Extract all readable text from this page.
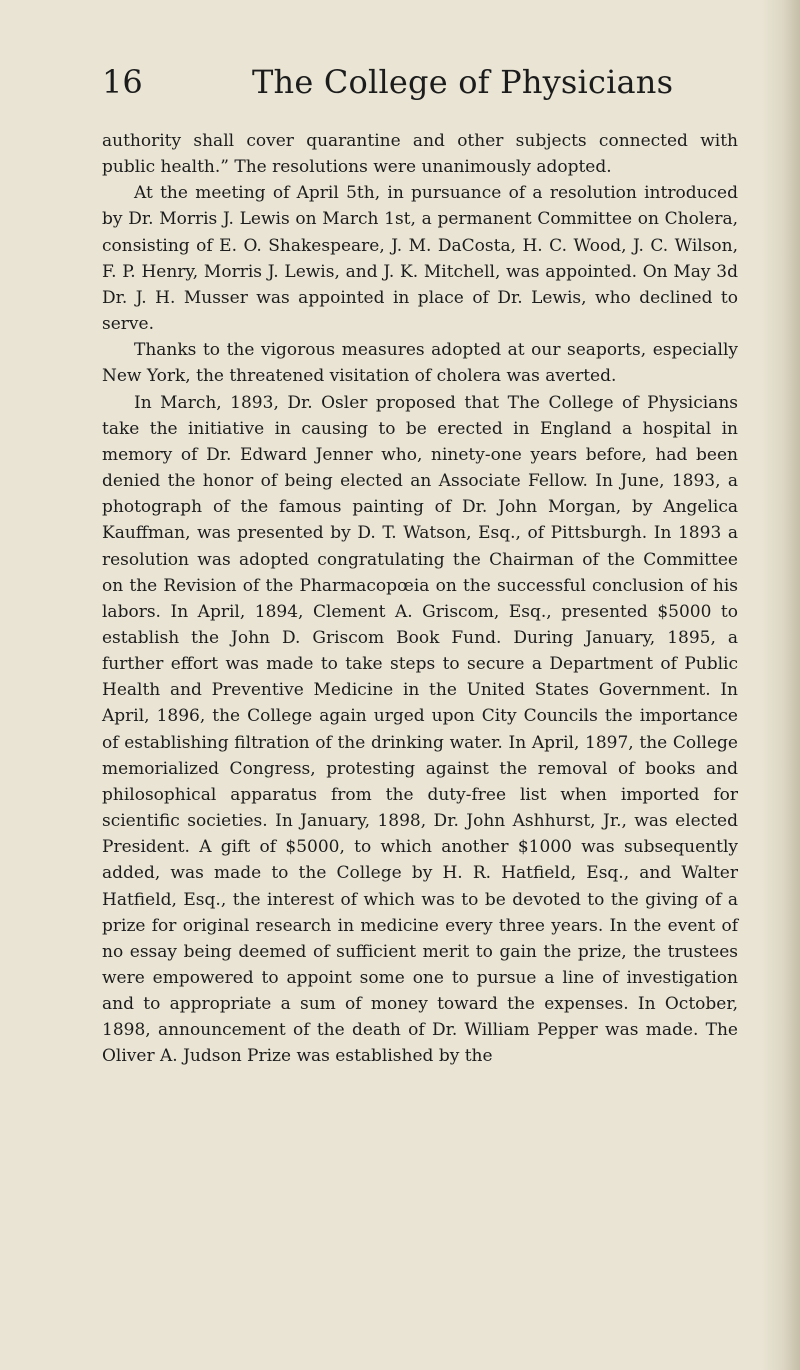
16	The College of Physicians

authority shall cover quarantine and other subjects connected with public health.” The resolutions were unanimously adopted.

At the meeting of April 5th, in pursuance of a resolution introduced by Dr. Morris J. Lewis on March 1st, a permanent Committee on Cholera, consisting of E. O. Shakespeare, J. M. DaCosta, H. C. Wood, J. C. Wilson, F. P. Henry, Morris J. Lewis, and J. K. Mitchell, was appointed. On May 3d Dr. J. H. Musser was appointed in place of Dr. Lewis, who declined to serve.

Thanks to the vigorous measures adopted at our seaports, especially New York, the threatened visitation of cholera was averted.

In March, 1893, Dr. Osler proposed that The College of Physicians take the initiative in causing to be erected in England a hospital in memory of Dr. Edward Jenner who, ninety-one years before, had been denied the honor of being elected an Associate Fellow. In June, 1893, a photograph of the famous painting of Dr. John Morgan, by Angelica Kauffman, was presented by D. T. Watson, Esq., of Pittsburgh. In 1893 a resolution was adopted congratulating the Chairman of the Committee on the Revision of the Pharmacopœia on the successful conclusion of his labors. In April, 1894, Clement A. Griscom, Esq., presented $5000 to establish the John D. Griscom Book Fund. During January, 1895, a further effort was made to take steps to secure a Department of Public Health and Preventive Medicine in the United States Government. In April, 1896, the College again urged upon City Councils the importance of establishing filtration of the drinking water. In April, 1897, the College memorialized Congress, protesting against the removal of books and philosophical apparatus from the duty-free list when imported for scientific societies. In January, 1898, Dr. John Ashhurst, Jr., was elected President. A gift of $5000, to which another $1000 was subsequently added, was made to the College by H. R. Hatfield, Esq., and Walter Hatfield, Esq., the interest of which was to be devoted to the giving of a prize for original research in medicine every three years. In the event of no essay being deemed of sufficient merit to gain the prize, the trustees were empowered to appoint some one to pursue a line of investigation and to appropriate a sum of money toward the expenses. In October, 1898, announcement of the death of Dr. William Pepper was made. The Oliver A. Judson Prize was established by the
